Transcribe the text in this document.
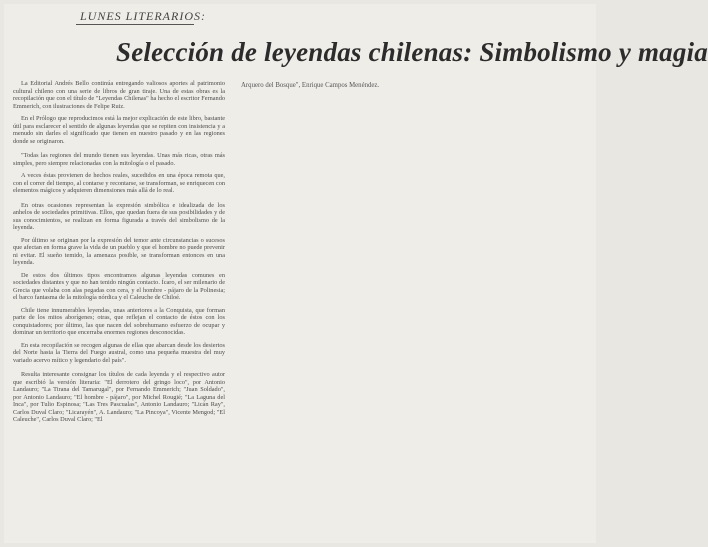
LUNES LITERARIOS:
Selección de leyendas chilenas: Simbolismo y magia
Arquero del Bosque", Enrique Campos Menéndez.

La Editorial Andrés Bello continúa entregando valiosos aportes al patrimonio cultural chileno con una serie de libros de gran tiraje. Una de estas obras es la recopilación que con el título de "Leyendas Chilenas" ha hecho el escritor Fernando Emmerich, con ilustraciones de Felipe Ruiz.

En el Prólogo que reproducimos está la mejor explicación de este libro, bastante útil para esclarecer el sentido de algunas leyendas que se repiten con insistencia y a menudo sin darles el significado que tienen en nuestro pasado y en las regiones donde se originaron.

"Todas las regiones del mundo tienen sus leyendas. Unas más ricas, otras más simples, pero siempre relacionadas con la mitología o el pasado.

A veces éstas provienen de hechos reales, sucedidos en una época remota que, con el correr del tiempo, al contarse y recontarse, se transforman, se enriquecen con elementos mágicos y adquieren dimensiones más allá de lo real.

En otras ocasiones representan la expresión simbólica e idealizada de los anhelos de sociedades primitivas. Ellos, que quedan fuera de sus posibilidades y de sus conocimientos, se realizan en forma figurada a través del simbolismo de la leyenda.

Por último se originan por la expresión del temor ante circunstancias o sucesos que afectan en forma grave la vida de un pueblo y que el hombre no puede prevenir ni evitar. El sueño temido, la amenaza posible, se transforman entonces en una leyenda.

De estos dos últimos tipos encontramos algunas leyendas comunes en sociedades distantes y que no han tenido ningún contacto. Ícaro, el ser milenario de Grecia que volaba con alas pegadas con cera, y el hombre - pájaro de la Polinesia; el barco fantasma de la mitología nórdica y el Caleuche de Chiloé.

Chile tiene innumerables leyendas, unas anteriores a la Conquista, que forman parte de los mitos aborígenes; otras, que reflejan el contacto de éstos con los conquistadores; por último, las que nacen del sobrehumano esfuerzo de ocupar y dominar un territorio que encerraba enormes regiones desconocidas.

En esta recopilación se recogen algunas de ellas que abarcan desde los desiertos del Norte hasta la Tierra del Fuego austral, como una pequeña muestra del muy variado acervo mítico y legendario del país".

Resulta interesante consignar los títulos de cada leyenda y el respectivo autor que escribió la versión literaria: "El derrotero del gringo loco", por Antonio Landauro; "La Tirana del Tamarugal", por Fernando Emmerich; "Juan Soldado", por Antonio Landauro; "El hombre - pájaro", por Michel Rougié; "La Laguna del Inca", por Tulio Espinosa; "Las Tres Pascualas", Antonio Landauro; "Licán Ray", Carlos Duval Claro; "Licarayén", A. Landauro; "La Pincoya", Vicente Mengod; "El Caleuche", Carlos Duval Claro; "El
